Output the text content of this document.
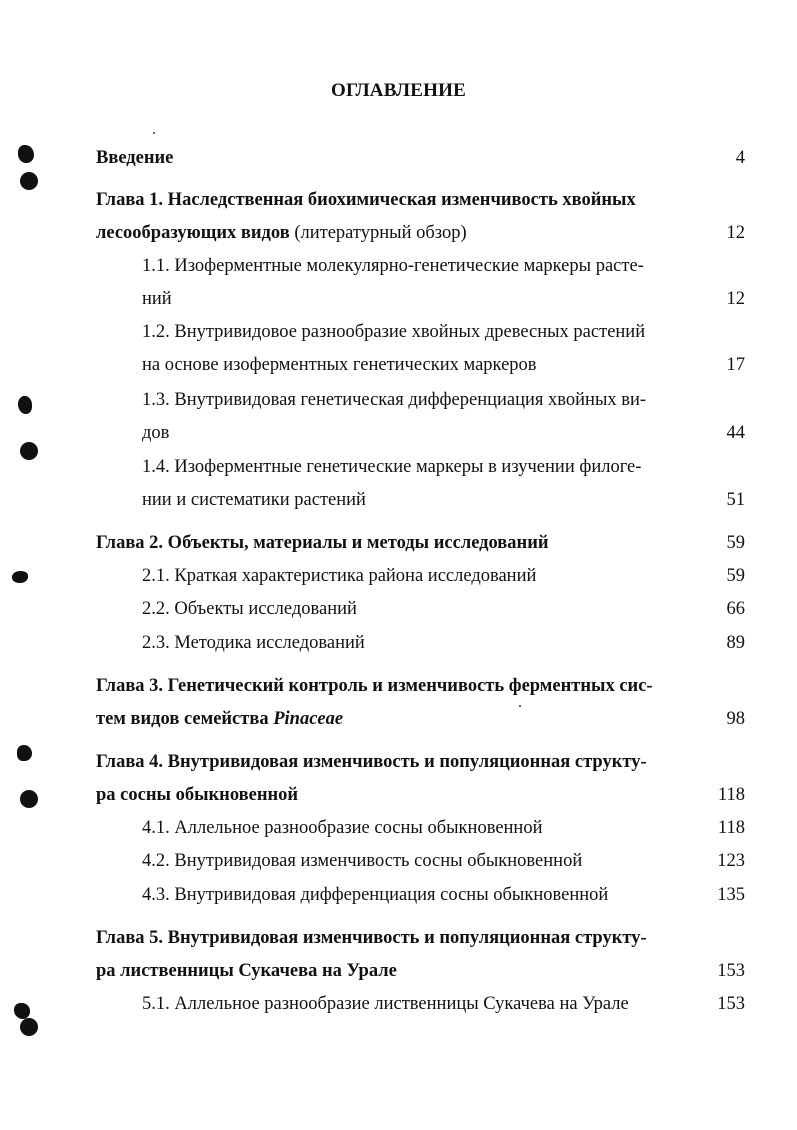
ОГЛАВЛЕНИЕ
Введение	4
Глава 1. Наследственная биохимическая изменчивость хвойных
лесообразующих видов (литературный обзор)	12
1.1. Изоферментные молекулярно-генетические маркеры расте-
ний	12
1.2. Внутривидовое разнообразие хвойных древесных растений
на основе изоферментных генетических маркеров	17
1.3. Внутривидовая генетическая дифференциация хвойных ви-
дов	44
1.4. Изоферментные генетические маркеры в изучении филоге-
нии и систематики растений	51
Глава 2. Объекты, материалы и методы исследований	59
2.1. Краткая характеристика района исследований	59
2.2. Объекты исследований	66
2.3. Методика исследований	89
Глава 3. Генетический контроль и изменчивость ферментных сис-
тем видов семейства Pinaceae	98
Глава 4. Внутривидовая изменчивость и популяционная структу-
ра сосны обыкновенной	118
4.1. Аллельное разнообразие сосны обыкновенной	118
4.2. Внутривидовая изменчивость сосны обыкновенной	123
4.3. Внутривидовая дифференциация сосны обыкновенной	135
Глава 5. Внутривидовая изменчивость и популяционная структу-
ра лиственницы Сукачева на Урале	153
5.1. Аллельное разнообразие лиственницы Сукачева на Урале	153
